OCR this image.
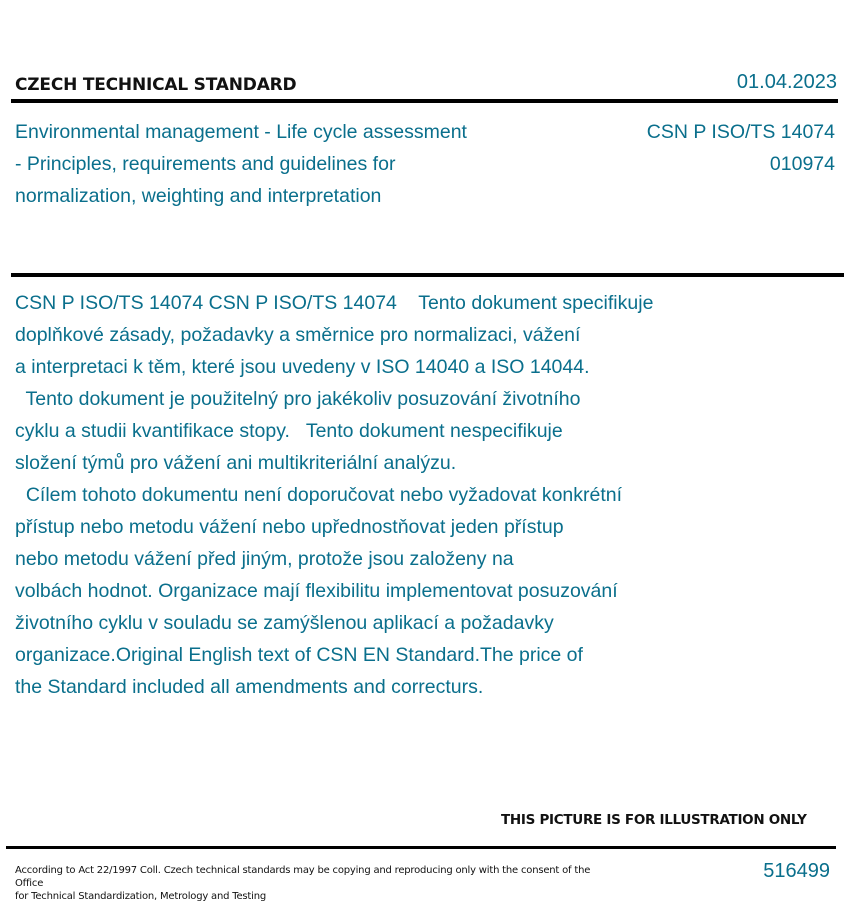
CZECH TECHNICAL STANDARD	01.04.2023
Environmental management - Life cycle assessment
- Principles, requirements and guidelines for
normalization, weighting and interpretation
CSN P ISO/TS 14074
010974
CSN P ISO/TS 14074 CSN P ISO/TS 14074    Tento dokument specifikuje
doplňkové zásady, požadavky a směrnice pro normalizaci, vážení
a interpretaci k těm, které jsou uvedeny v ISO 14040 a ISO 14044.
Tento dokument je použitelný pro jakékoliv posuzování životního
cyklu a studii kvantifikace stopy.   Tento dokument nespecifikuje
složení týmů pro vážení ani multikriteriální analýzu.
Cílem tohoto dokumentu není doporučovat nebo vyžadovat konkrétní
přístup nebo metodu vážení nebo upřednostňovat jeden přístup
nebo metodu vážení před jiným, protože jsou založeny na
volbách hodnot. Organizace mají flexibilitu implementovat posuzování
životního cyklu v souladu se zamýšlenou aplikací a požadavky
organizace.Original English text of CSN EN Standard.The price of
the Standard included all amendments and correcturs.
THIS PICTURE IS FOR ILLUSTRATION ONLY
According to Act 22/1997 Coll. Czech technical standards may be copying and reproducing only with the consent of the Office
for Technical Standardization, Metrology and Testing
516499
